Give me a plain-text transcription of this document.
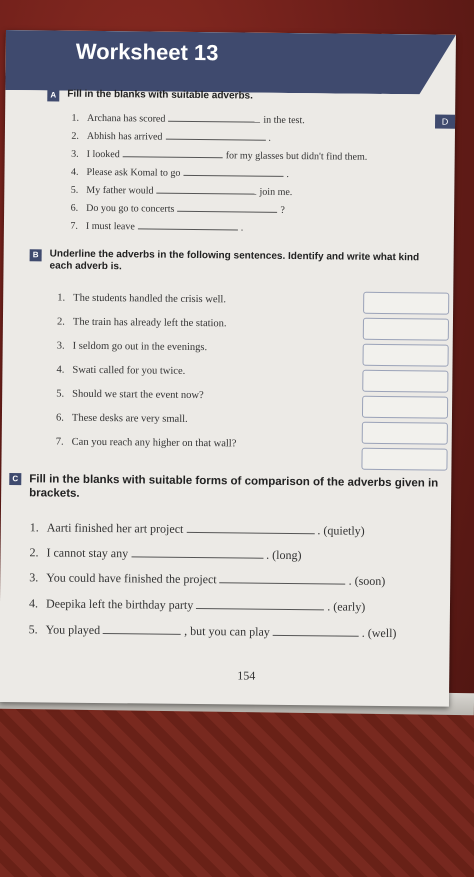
Worksheet 13
D
A	Fill in the blanks with suitable adverbs.
1. Archana has scored	in the test.
2. Abhish has arrived	.
3. I looked	for my glasses but didn't find them.
4. Please ask Komal to go	.
5. My father would	join me.
6. Do you go to concerts	?
7. I must leave	.
B	Underline the adverbs in the following sentences. Identify and write what kind
each adverb is.
1. The students handled the crisis well.
2. The train has already left the station.
3. I seldom go out in the evenings.
4. Swati called for you twice.
5. Should we start the event now?
6. These desks are very small.
7. Can you reach any higher on that wall?
C Fill in the blanks with suitable forms of comparison of the adverbs given in
brackets.
1. Aarti finished her art project	. (quietly)
2. I cannot stay any	. (long)
3. You could have finished the project	. (soon)
4. Deepika left the birthday party	. (early)
5. You played	, but you can play	. (well)
154
